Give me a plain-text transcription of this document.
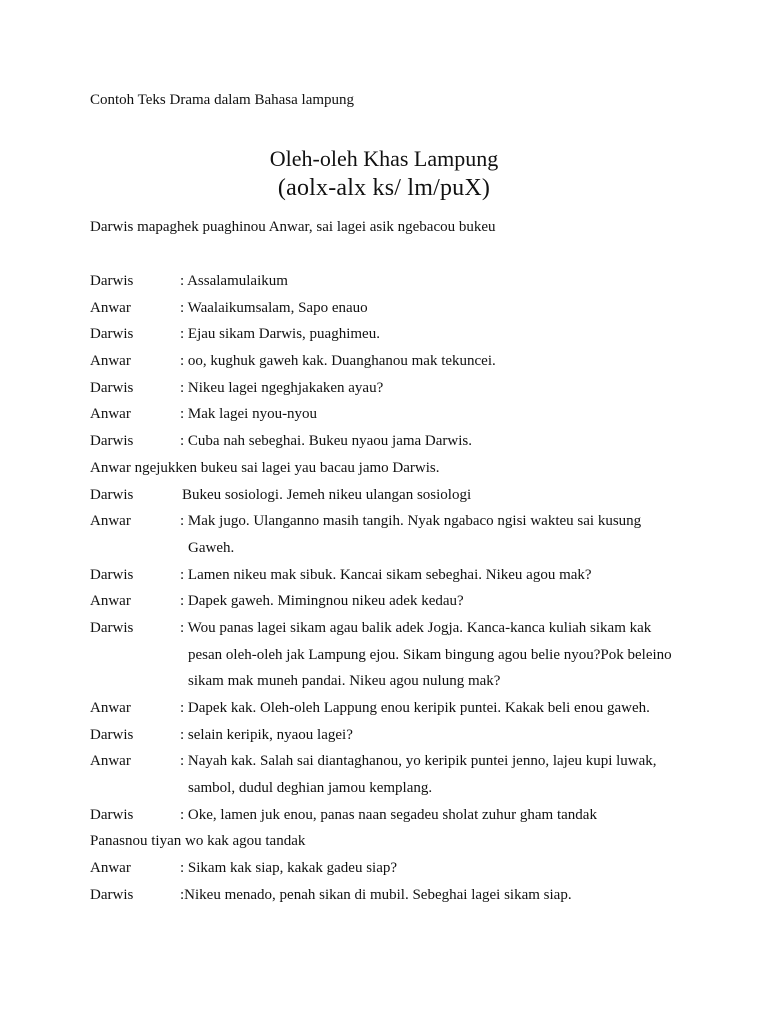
Contoh Teks Drama dalam Bahasa lampung
Oleh-oleh Khas Lampung
(aolx-alx ks/ lm/puX)
Darwis mapaghek puaghinou Anwar, sai lagei asik ngebacou bukeu
Darwis	: Assalamulaikum
Anwar	: Waalaikumsalam, Sapo enauo
Darwis	: Ejau sikam Darwis, puaghimeu.
Anwar	: oo, kughuk gaweh kak. Duanghanou mak tekuncei.
Darwis	: Nikeu lagei ngeghjakaken ayau?
Anwar	: Mak lagei nyou-nyou
Darwis	: Cuba nah sebeghai. Bukeu nyaou jama Darwis.
Anwar ngejukken bukeu sai lagei yau bacau jamo Darwis.
Darwis	Bukeu sosiologi. Jemeh nikeu ulangan sosiologi
Anwar	: Mak jugo. Ulanganno masih tangih. Nyak ngabaco ngisi wakteu sai kusung
Gaweh.
Darwis	: Lamen nikeu mak sibuk. Kancai sikam sebeghai. Nikeu agou mak?
Anwar	: Dapek gaweh. Mimingnou nikeu adek kedau?
Darwis	: Wou panas lagei sikam agau balik adek Jogja. Kanca-kanca kuliah sikam kak
pesan oleh-oleh jak Lampung ejou. Sikam bingung agou belie nyou?Pok beleino
sikam mak muneh pandai. Nikeu agou nulung mak?
Anwar	: Dapek kak. Oleh-oleh Lappung enou keripik puntei. Kakak beli enou gaweh.
Darwis	: selain keripik, nyaou lagei?
Anwar	: Nayah kak. Salah sai diantaghanou, yo keripik puntei jenno, lajeu kupi luwak,
sambol, dudul deghian jamou kemplang.
Darwis	: Oke, lamen juk enou, panas naan segadeu sholat zuhur gham tandak
Panasnou tiyan wo kak agou tandak
Anwar	: Sikam kak siap, kakak gadeu siap?
Darwis	:Nikeu menado, penah sikan di mubil. Sebeghai lagei sikam siap.
